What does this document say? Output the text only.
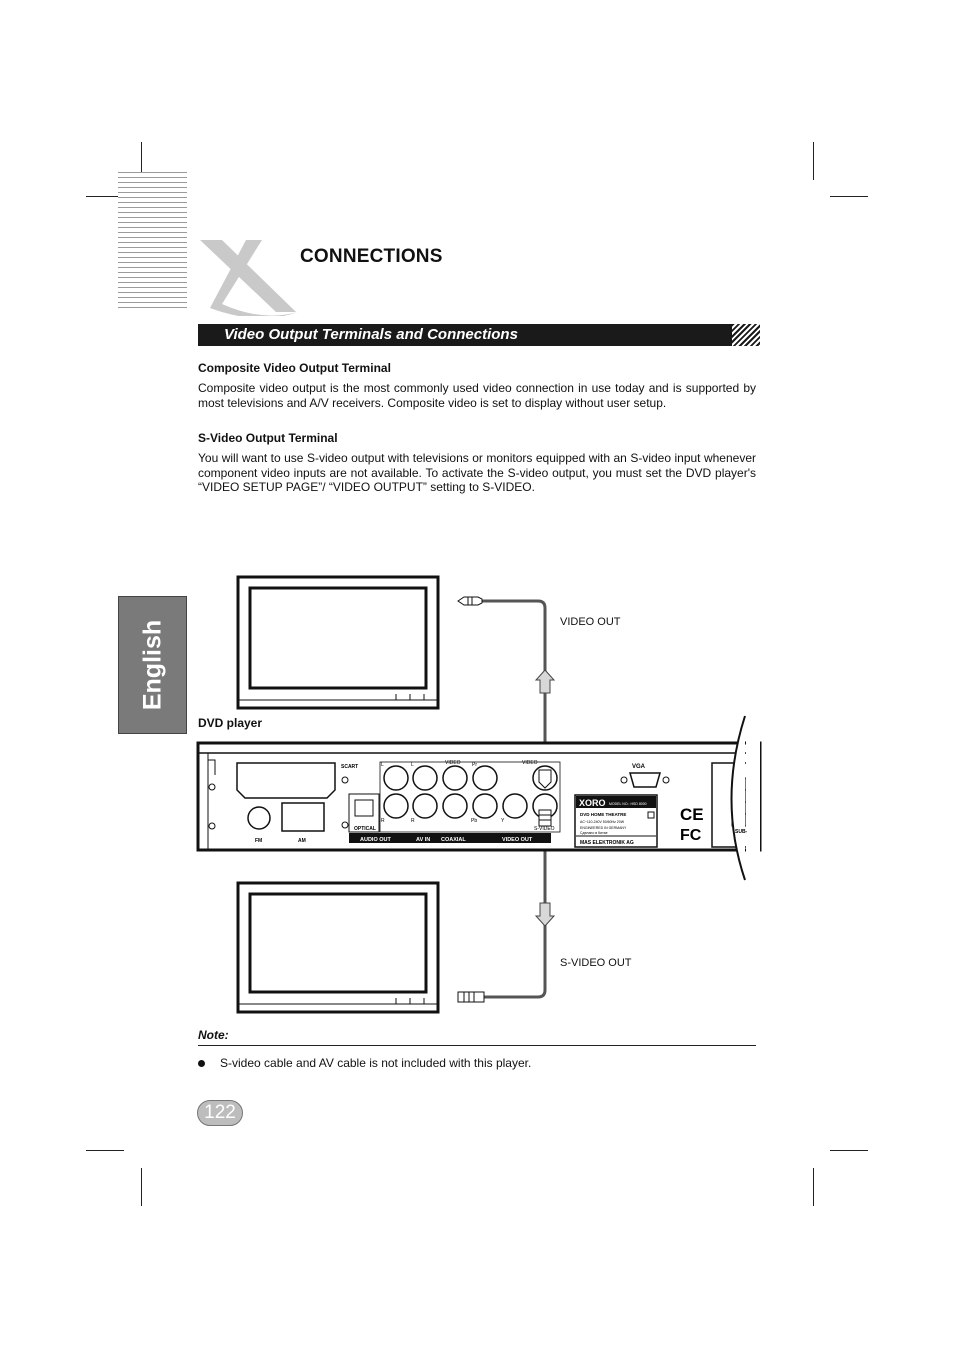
CONNECTIONS
Video Output Terminals and Connections
Composite Video Output Terminal
Composite video output is the most commonly used video connection in use today and is supported by most televisions and A/V receivers. Composite video is set to display without user setup.
S-Video Output Terminal
You will want to use S-video output with televisions or monitors equipped with an S-video input whenever component video inputs are not available. To activate the S-video output, you must set the DVD player's “VIDEO SETUP PAGE”/ “VIDEO OUTPUT” setting to S-VIDEO.
English
SCART
FM	AM
OPTICAL
VIDEO	VIDEO
L	L	Pr
R	R	Pb	Y
S-VIDEO
AUDIO OUT	AV IN COAXIAL	VIDEO OUT
VGA
SUB-
CE
FC
XORO MODEL NO.: HSD 8000
DVD HOME THEATRE
AC~110-240V 50/60Hz 20W
ENGINEERED IN GERMANY
Сделано в Китае
MAS ELEKTRONIK AG
VIDEO OUT
S-VIDEO OUT
DVD player
Note:
S-video cable and AV cable is not included with this player.
122
